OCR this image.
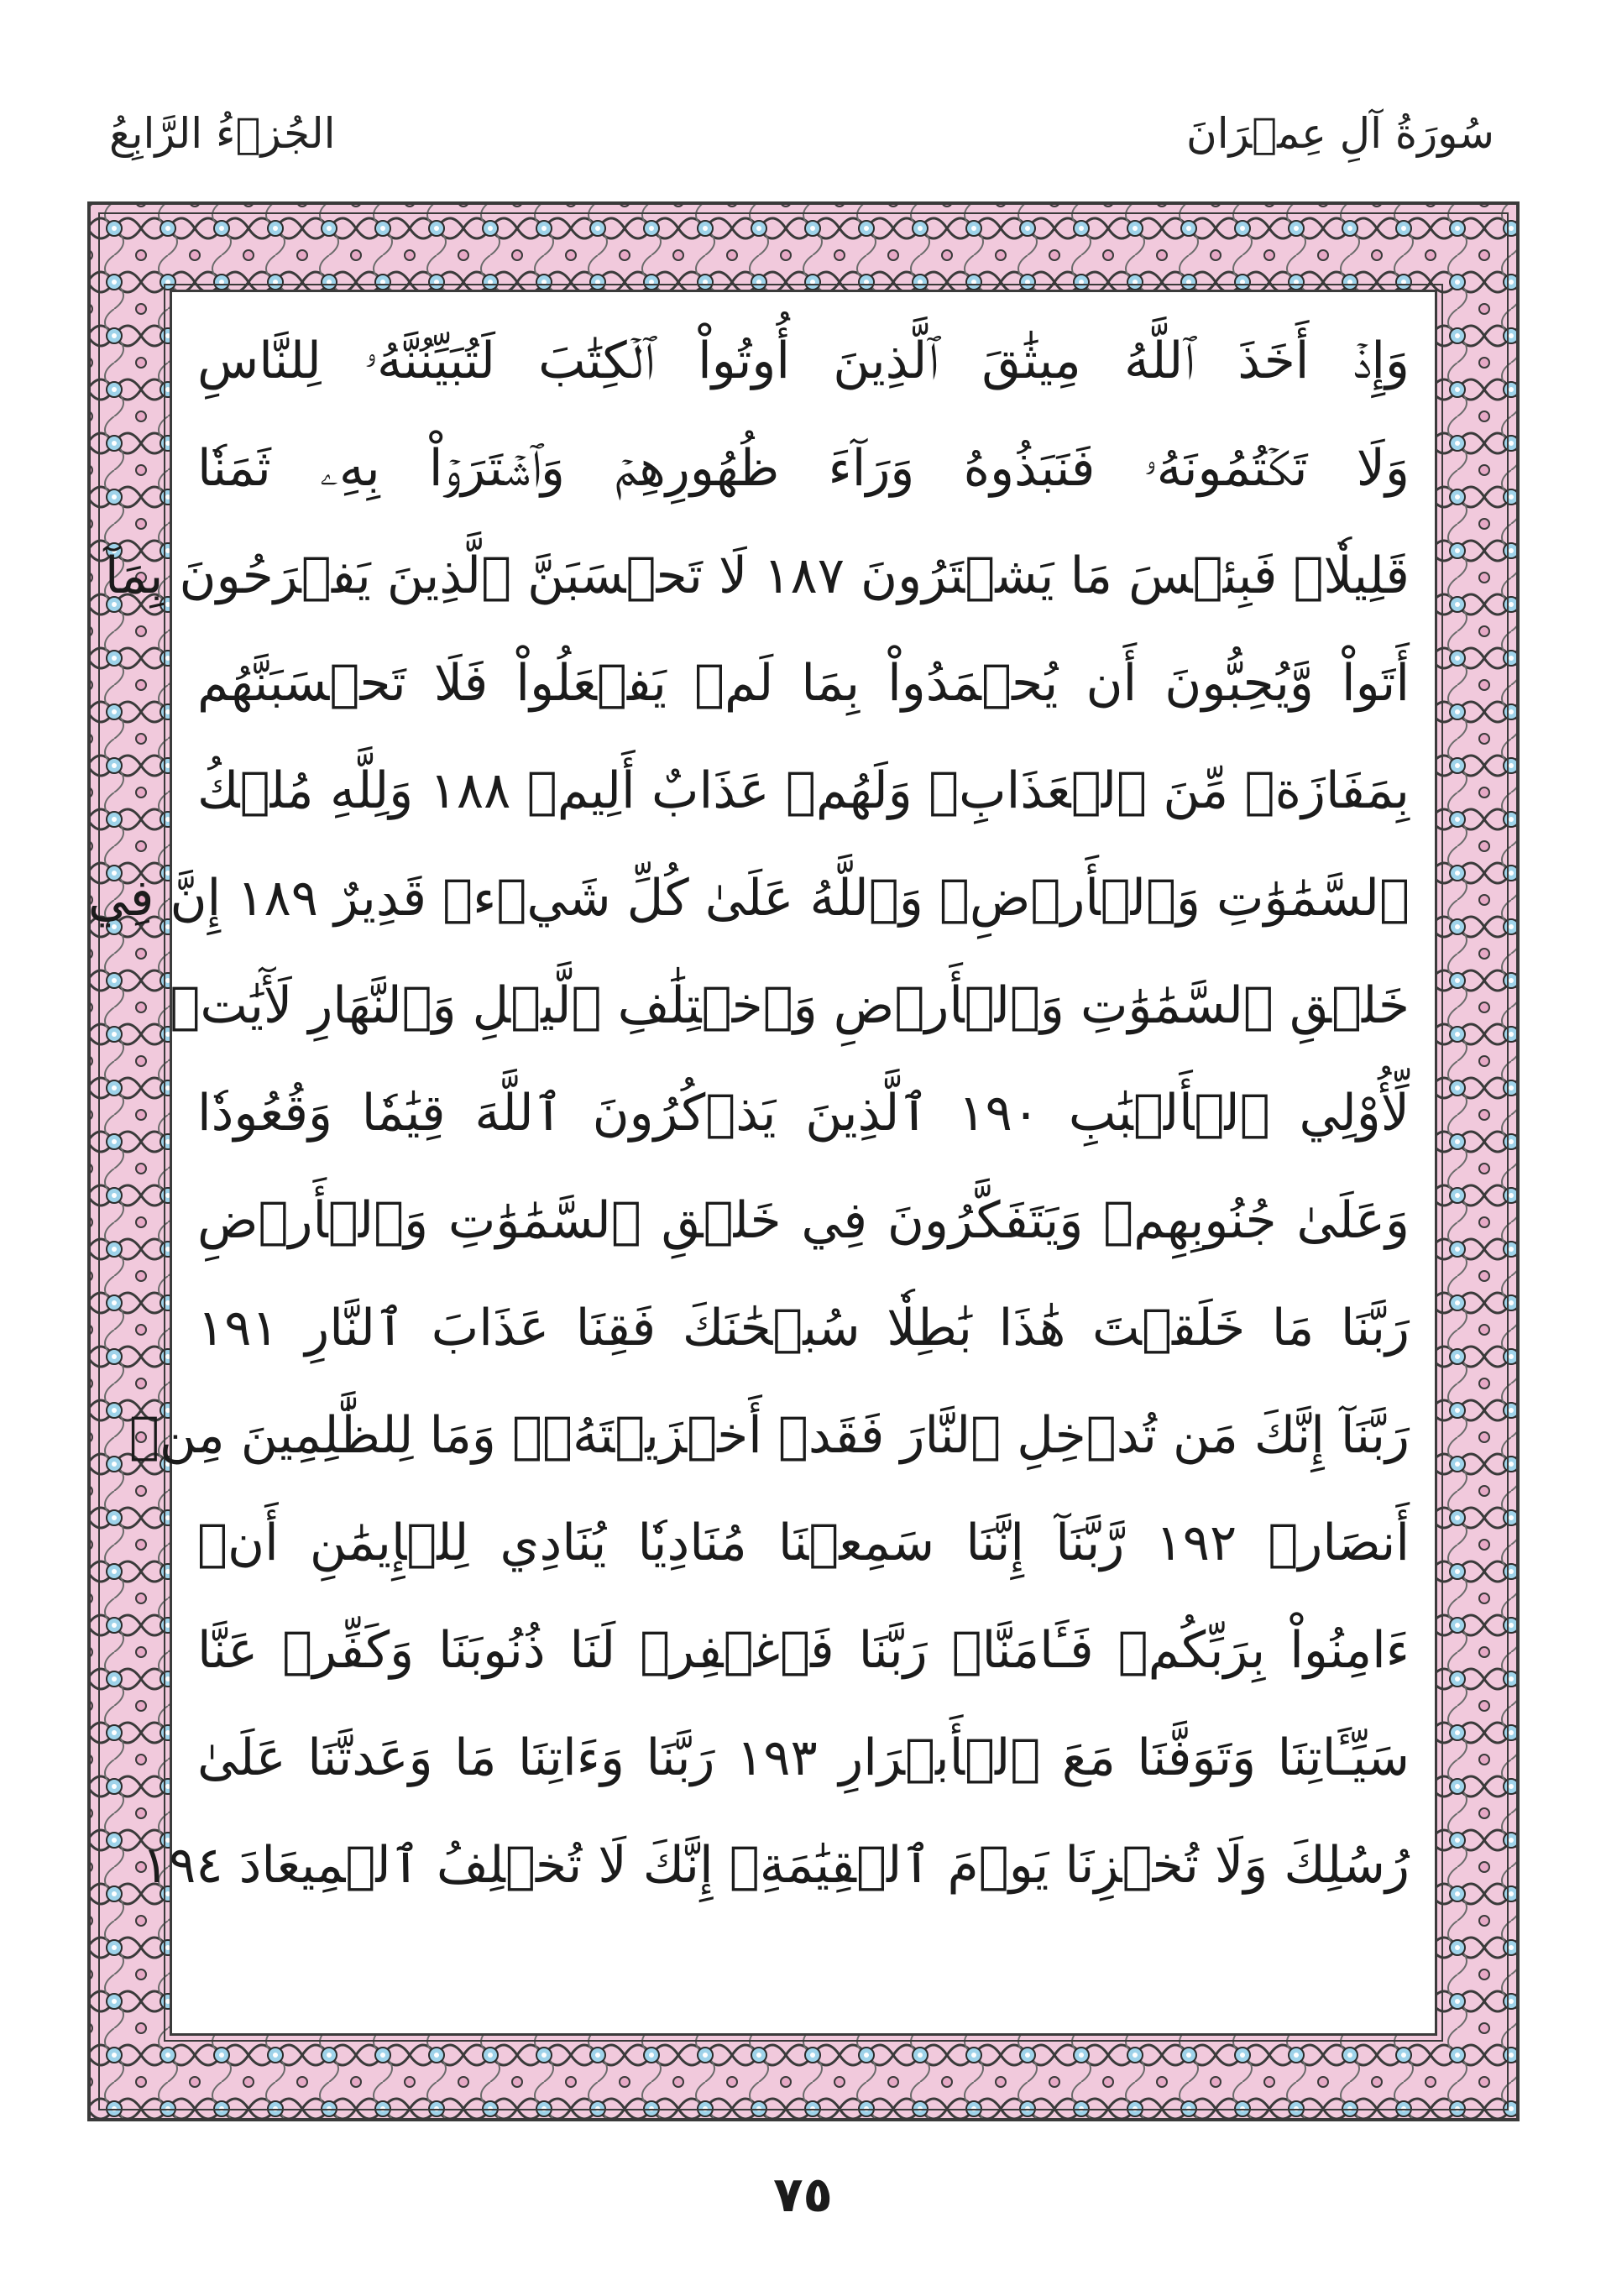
سُورَةُ آلِ عِمۡرَانَ
الجُزۡءُ الرَّابِعُ
وَإِذۡ أَخَذَ ٱللَّهُ مِيثَٰقَ ٱلَّذِينَ أُوتُواْ ٱلۡكِتَٰبَ لَتُبَيِّنُنَّهُۥ لِلنَّاسِ
وَلَا تَكۡتُمُونَهُۥ فَنَبَذُوهُ وَرَآءَ ظُهُورِهِمۡ وَٱشۡتَرَوۡاْ بِهِۦ ثَمَنٗا
قَلِيلٗاۖ فَبِئۡسَ مَا يَشۡتَرُونَ ١٨٧ لَا تَحۡسَبَنَّ ٱلَّذِينَ يَفۡرَحُونَ بِمَآ
أَتَواْ وَّيُحِبُّونَ أَن يُحۡمَدُواْ بِمَا لَمۡ يَفۡعَلُواْ فَلَا تَحۡسَبَنَّهُم
بِمَفَازَةٖ مِّنَ ٱلۡعَذَابِۖ وَلَهُمۡ عَذَابٌ أَلِيمٞ ١٨٨ وَلِلَّهِ مُلۡكُ
ٱلسَّمَٰوَٰتِ وَٱلۡأَرۡضِۗ وَٱللَّهُ عَلَىٰ كُلِّ شَيۡءٖ قَدِيرٌ ١٨٩ إِنَّ فِي
خَلۡقِ ٱلسَّمَٰوَٰتِ وَٱلۡأَرۡضِ وَٱخۡتِلَٰفِ ٱلَّيۡلِ وَٱلنَّهَارِ لَأٓيَٰتٖ
لِّأُوْلِي ٱلۡأَلۡبَٰبِ ١٩٠ ٱلَّذِينَ يَذۡكُرُونَ ٱللَّهَ قِيَٰمٗا وَقُعُودٗا
وَعَلَىٰ جُنُوبِهِمۡ وَيَتَفَكَّرُونَ فِي خَلۡقِ ٱلسَّمَٰوَٰتِ وَٱلۡأَرۡضِ
رَبَّنَا مَا خَلَقۡتَ هَٰذَا بَٰطِلٗا سُبۡحَٰنَكَ فَقِنَا عَذَابَ ٱلنَّارِ ١٩١
رَبَّنَآ إِنَّكَ مَن تُدۡخِلِ ٱلنَّارَ فَقَدۡ أَخۡزَيۡتَهُۥۖ وَمَا لِلظَّٰلِمِينَ مِنۡ
أَنصَارٖ ١٩٢ رَّبَّنَآ إِنَّنَا سَمِعۡنَا مُنَادِيٗا يُنَادِي لِلۡإِيمَٰنِ أَنۡ
ءَامِنُواْ بِرَبِّكُمۡ فَـَٔامَنَّاۚ رَبَّنَا فَٱغۡفِرۡ لَنَا ذُنُوبَنَا وَكَفِّرۡ عَنَّا
سَيِّـَٔاتِنَا وَتَوَفَّنَا مَعَ ٱلۡأَبۡرَارِ ١٩٣ رَبَّنَا وَءَاتِنَا مَا وَعَدتَّنَا عَلَىٰ
رُسُلِكَ وَلَا تُخۡزِنَا يَوۡمَ ٱلۡقِيَٰمَةِۖ إِنَّكَ لَا تُخۡلِفُ ٱلۡمِيعَادَ ١٩٤
٧٥
